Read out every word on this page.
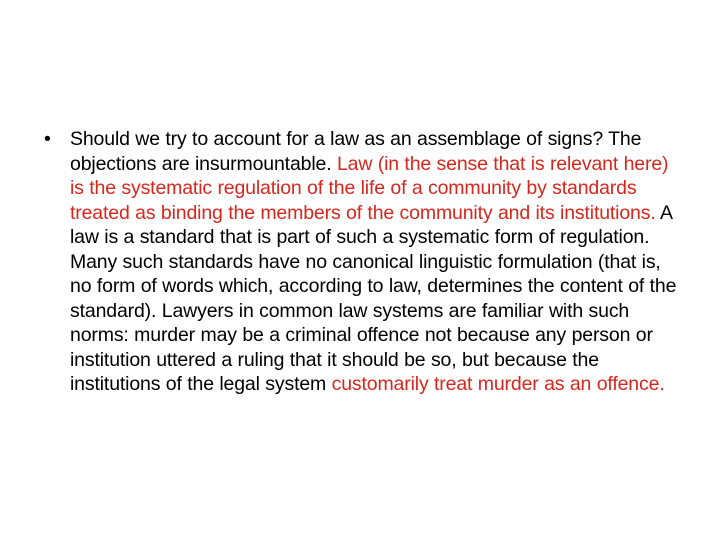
• Should we try to account for a law as an assemblage of signs? The objections are insurmountable. Law (in the sense that is relevant here) is the systematic regulation of the life of a community by standards treated as binding the members of the community and its institutions. A law is a standard that is part of such a systematic form of regulation. Many such standards have no canonical linguistic formulation (that is, no form of words which, according to law, determines the content of the standard). Lawyers in common law systems are familiar with such norms: murder may be a criminal offence not because any person or institution uttered a ruling that it should be so, but because the institutions of the legal system customarily treat murder as an offence.
